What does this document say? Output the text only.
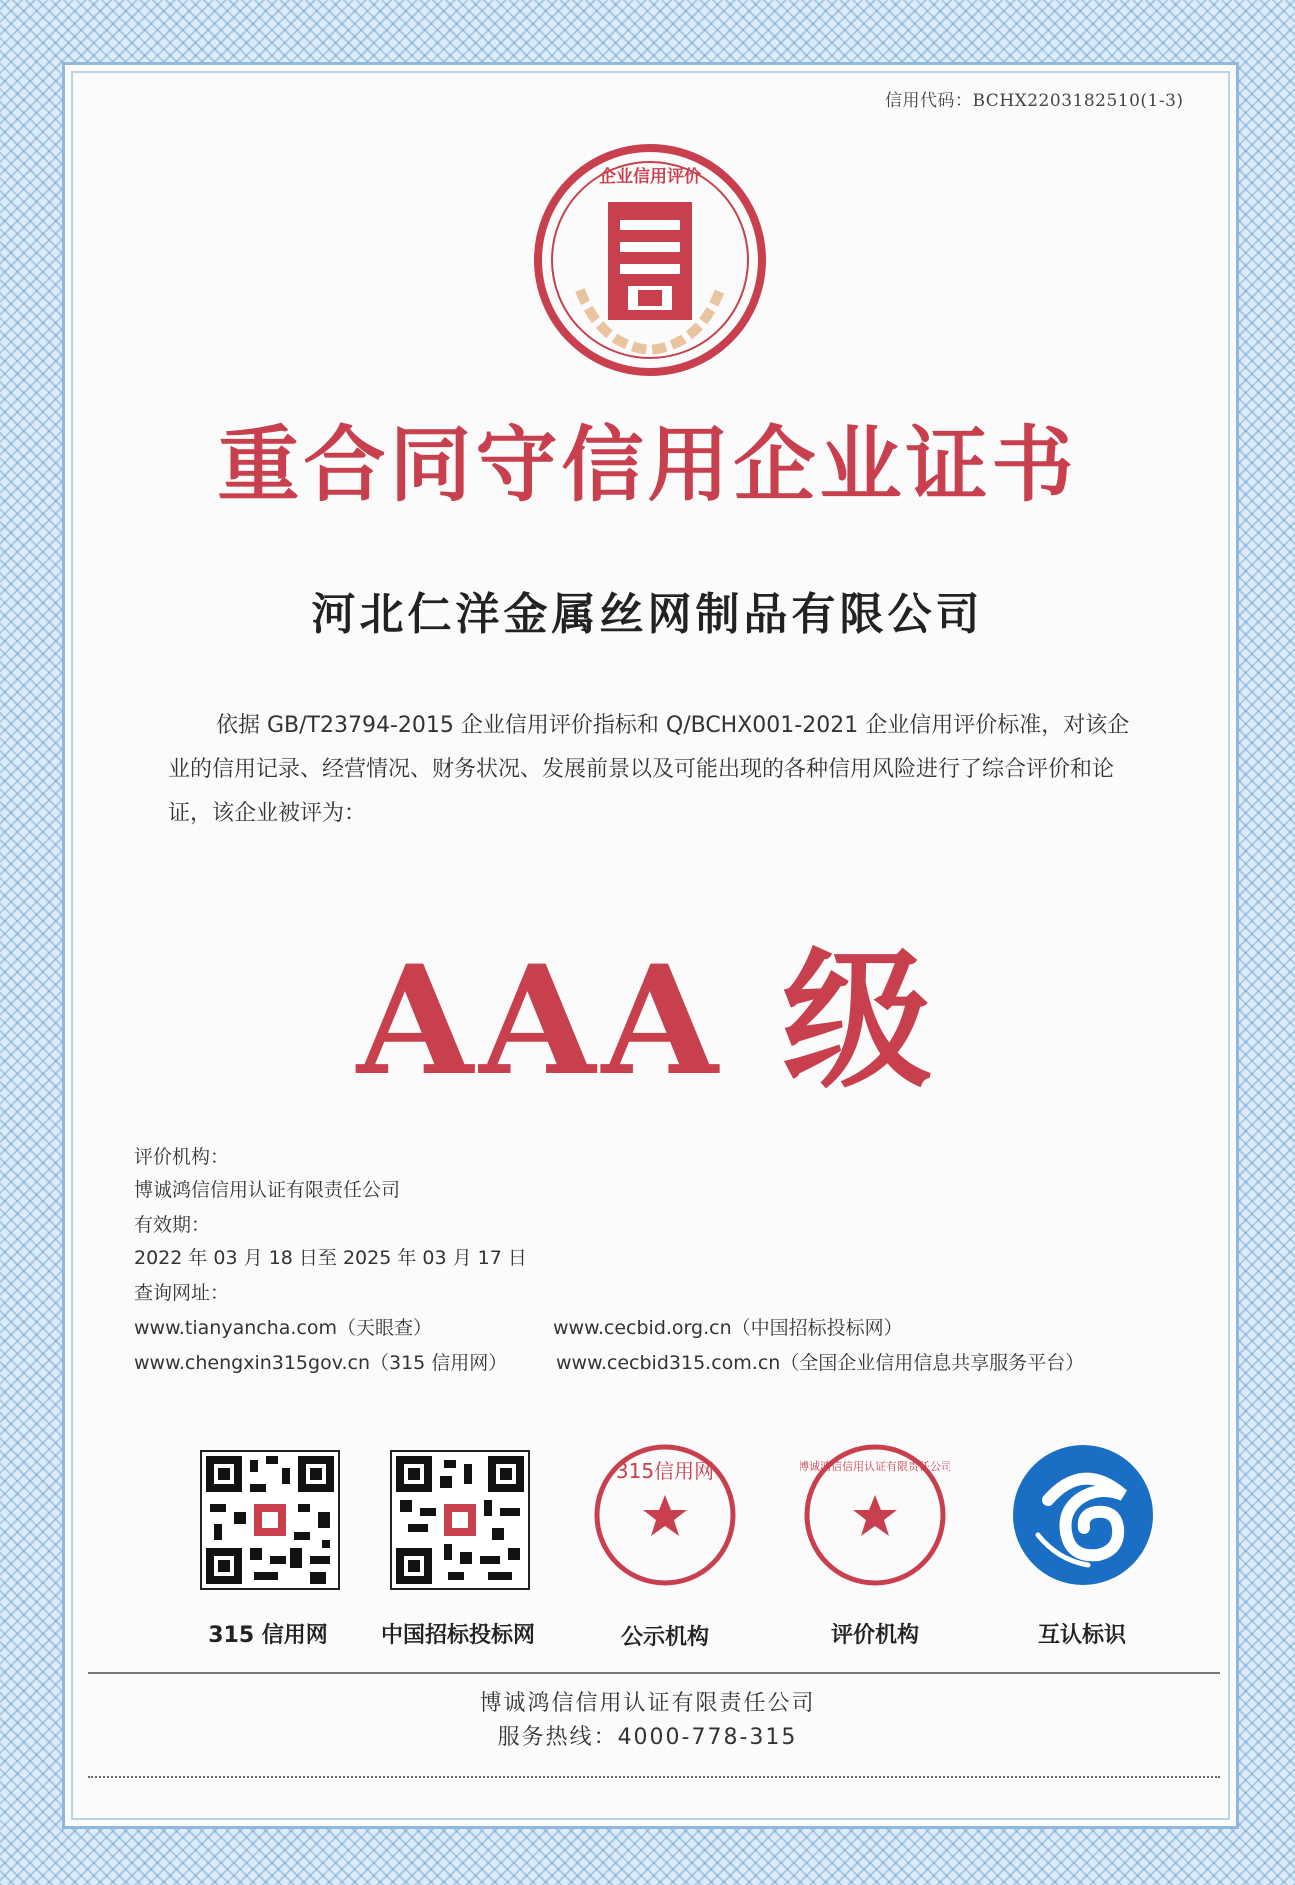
信用代码：BCHX2203182510(1-3)
企业信用评价
重合同守信用企业证书
河北仁洋金属丝网制品有限公司
依据 GB/T23794-2015 企业信用评价指标和 Q/BCHX001-2021 企业信用评价标准，对该企业的信用记录、经营情况、财务状况、发展前景以及可能出现的各种信用风险进行了综合评价和论证，该企业被评为：
AAA 级
评价机构：
博诚鸿信信用认证有限责任公司
有效期：
2022 年 03 月 18 日至 2025 年 03 月 17 日
查询网址：
www.tianyancha.com（天眼查）	www.cecbid.org.cn（中国招标投标网）
www.chengxin315gov.cn（315 信用网）	www.cecbid315.com.cn（全国企业信用信息共享服务平台）
315信用网	博诚鸿信信用认证有限责任公司
315 信用网	中国招标投标网	公示机构	评价机构	互认标识
博诚鸿信信用认证有限责任公司
服务热线：4000-778-315
